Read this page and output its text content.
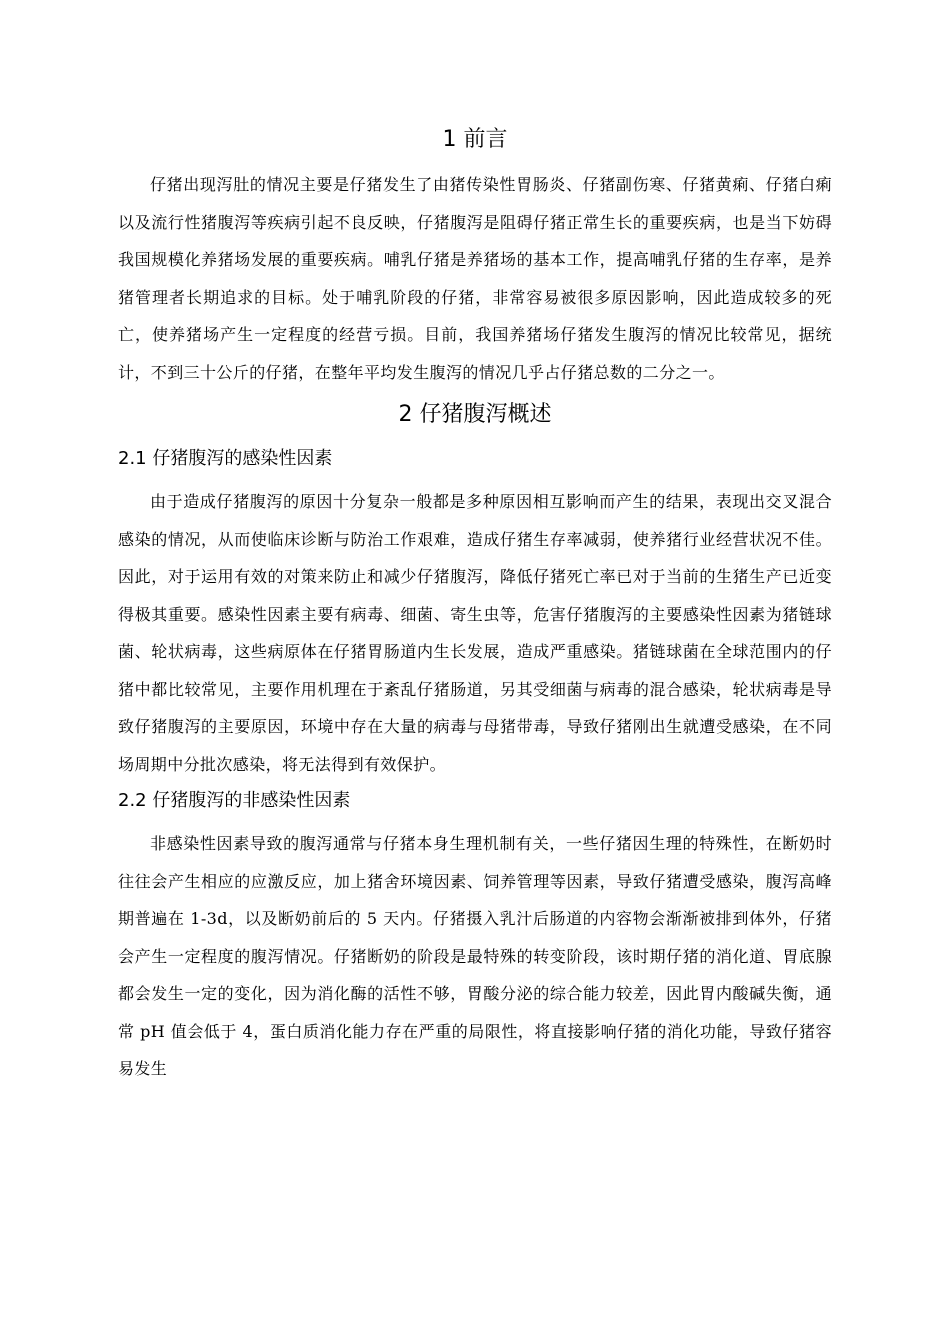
1 前言

仔猪出现泻肚的情况主要是仔猪发生了由猪传染性胃肠炎、仔猪副伤寒、仔猪黄痢、仔猪白痢以及流行性猪腹泻等疾病引起不良反映，仔猪腹泻是阻碍仔猪正常生长的重要疾病，也是当下妨碍我国规模化养猪场发展的重要疾病。哺乳仔猪是养猪场的基本工作，提高哺乳仔猪的生存率，是养猪管理者长期追求的目标。处于哺乳阶段的仔猪，非常容易被很多原因影响，因此造成较多的死亡，使养猪场产生一定程度的经营亏损。目前，我国养猪场仔猪发生腹泻的情况比较常见，据统计，不到三十公斤的仔猪，在整年平均发生腹泻的情况几乎占仔猪总数的二分之一。

2 仔猪腹泻概述
2.1 仔猪腹泻的感染性因素

由于造成仔猪腹泻的原因十分复杂一般都是多种原因相互影响而产生的结果，表现出交叉混合感染的情况，从而使临床诊断与防治工作艰难，造成仔猪生存率减弱，使养猪行业经营状况不佳。因此，对于运用有效的对策来防止和减少仔猪腹泻，降低仔猪死亡率已对于当前的生猪生产已近变得极其重要。感染性因素主要有病毒、细菌、寄生虫等，危害仔猪腹泻的主要感染性因素为猪链球菌、轮状病毒，这些病原体在仔猪胃肠道内生长发展，造成严重感染。猪链球菌在全球范围内的仔猪中都比较常见，主要作用机理在于紊乱仔猪肠道，另其受细菌与病毒的混合感染，轮状病毒是导致仔猪腹泻的主要原因，环境中存在大量的病毒与母猪带毒，导致仔猪刚出生就遭受感染，在不同场周期中分批次感染，将无法得到有效保护。

2.2 仔猪腹泻的非感染性因素

非感染性因素导致的腹泻通常与仔猪本身生理机制有关，一些仔猪因生理的特殊性，在断奶时往往会产生相应的应激反应，加上猪舍环境因素、饲养管理等因素，导致仔猪遭受感染，腹泻高峰期普遍在 1-3d，以及断奶前后的 5 天内。仔猪摄入乳汁后肠道的内容物会渐渐被排到体外，仔猪会产生一定程度的腹泻情况。仔猪断奶的阶段是最特殊的转变阶段，该时期仔猪的消化道、胃底腺都会发生一定的变化，因为消化酶的活性不够，胃酸分泌的综合能力较差，因此胃内酸碱失衡，通常 pH 值会低于 4，蛋白质消化能力存在严重的局限性，将直接影响仔猪的消化功能，导致仔猪容易发生
